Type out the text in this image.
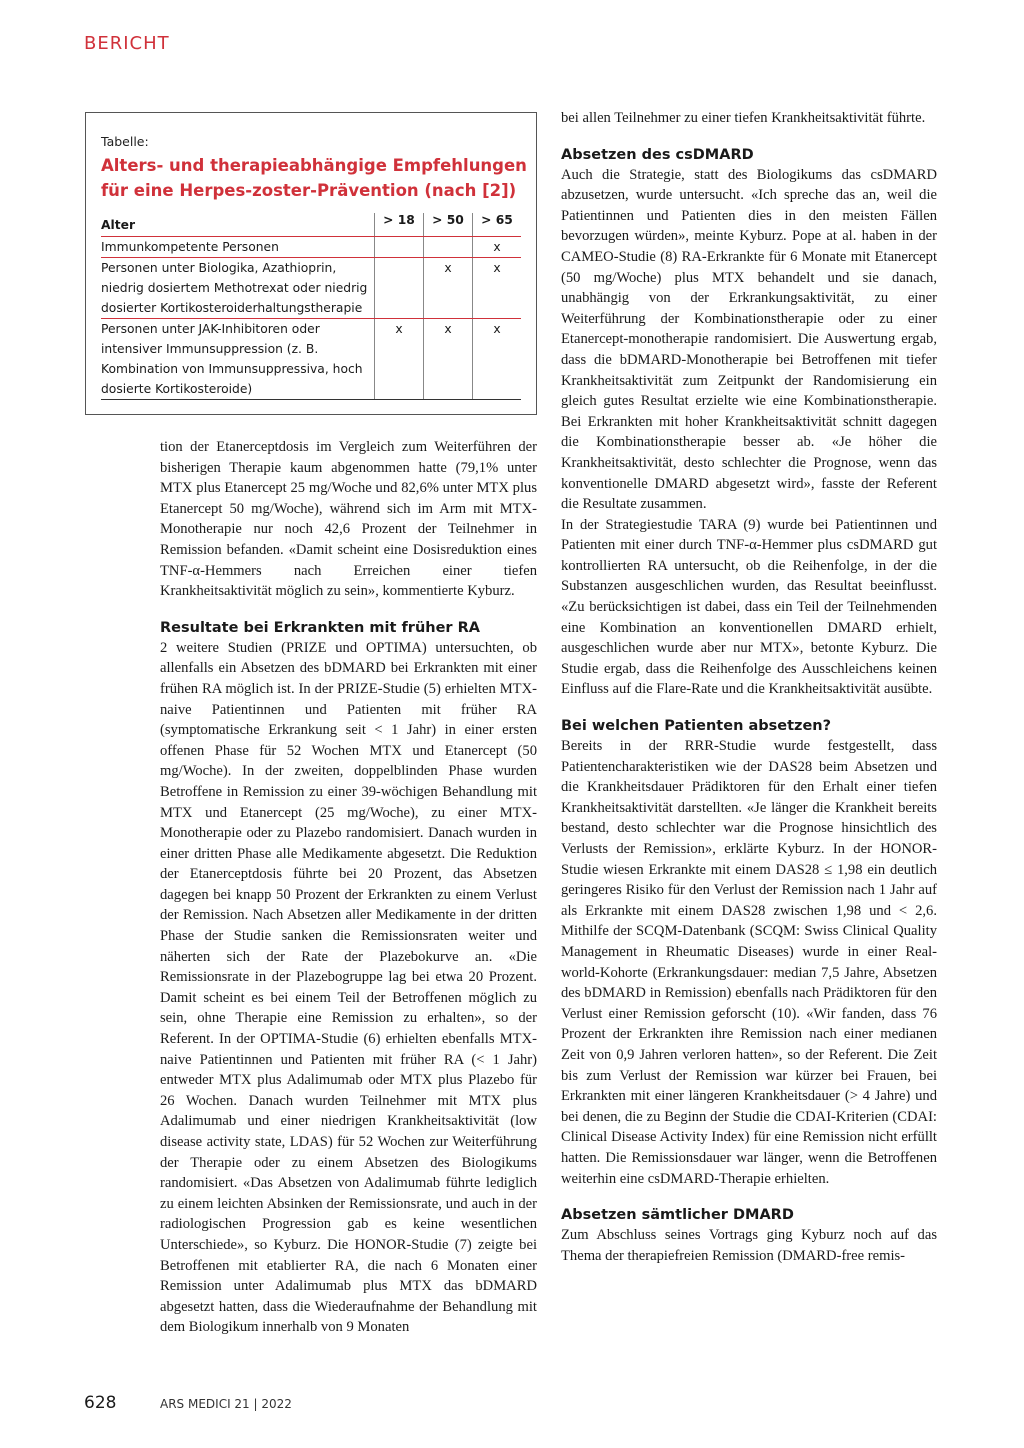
BERICHT
Tabelle:
Alters- und therapieabhängige Empfehlungen für eine Herpes-zoster-Prävention (nach [2])
Alter	> 18	> 50	> 65
Immunkompetente Personen			x
Personen unter Biologika, Azathioprin, niedrig dosiertem Methotrexat oder niedrig dosierter Kortikosteroiderhaltungstherapie		x	x
Personen unter JAK-Inhibitoren oder intensiver Immunsuppression (z. B. Kombination von Immunsuppressiva, hoch dosierte Kortikosteroide)	x	x	x

tion der Etanerceptdosis im Vergleich zum Weiterführen der bisherigen Therapie kaum abgenommen hatte (79,1% unter MTX plus Etanercept 25 mg/Woche und 82,6% unter MTX plus Etanercept 50 mg/Woche), während sich im Arm mit MTX-Monotherapie nur noch 42,6 Prozent der Teilnehmer in Remission befanden. «Damit scheint eine Dosisreduktion eines TNF-α-Hemmers nach Erreichen einer tiefen Krankheitsaktivität möglich zu sein», kommentierte Kyburz.

Resultate bei Erkrankten mit früher RA

2 weitere Studien (PRIZE und OPTIMA) untersuchten, ob allenfalls ein Absetzen des bDMARD bei Erkrankten mit einer frühen RA möglich ist. In der PRIZE-Studie (5) erhielten MTX-naive Patientinnen und Patienten mit früher RA (symptomatische Erkrankung seit < 1 Jahr) in einer ersten offenen Phase für 52 Wochen MTX und Etanercept (50 mg/Woche). In der zweiten, doppelblinden Phase wurden Betroffene in Remission zu einer 39-wöchigen Behandlung mit MTX und Etanercept (25 mg/Woche), zu einer MTX-Monotherapie oder zu Plazebo randomisiert. Danach wurden in einer dritten Phase alle Medikamente abgesetzt. Die Reduktion der Etanerceptdosis führte bei 20 Prozent, das Absetzen dagegen bei knapp 50 Prozent der Erkrankten zu einem Verlust der Remission. Nach Absetzen aller Medikamente in der dritten Phase der Studie sanken die Remissionsraten weiter und näherten sich der Rate der Plazebokurve an. «Die Remissionsrate in der Plazebogruppe lag bei etwa 20 Prozent. Damit scheint es bei einem Teil der Betroffenen möglich zu sein, ohne Therapie eine Remission zu erhalten», so der Referent. In der OPTIMA-Studie (6) erhielten ebenfalls MTX-naive Patientinnen und Patienten mit früher RA (< 1 Jahr) entweder MTX plus Adalimumab oder MTX plus Plazebo für 26 Wochen. Danach wurden Teilnehmer mit MTX plus Adalimumab und einer niedrigen Krankheitsaktivität (low disease activity state, LDAS) für 52 Wochen zur Weiterführung der Therapie oder zu einem Absetzen des Biologikums randomisiert. «Das Absetzen von Adalimumab führte lediglich zu einem leichten Absinken der Remissionsrate, und auch in der radiologischen Progression gab es keine wesentlichen Unterschiede», so Kyburz. Die HONOR-Studie (7) zeigte bei Betroffenen mit etablierter RA, die nach 6 Monaten einer Remission unter Adalimumab plus MTX das bDMARD abgesetzt hatten, dass die Wiederaufnahme der Behandlung mit dem Biologikum innerhalb von 9 Monaten

bei allen Teilnehmer zu einer tiefen Krankheitsaktivität führte.

Absetzen des csDMARD

Auch die Strategie, statt des Biologikums das csDMARD abzusetzen, wurde untersucht. «Ich spreche das an, weil die Patientinnen und Patienten dies in den meisten Fällen bevorzugen würden», meinte Kyburz. Pope at al. haben in der CAMEO-Studie (8) RA-Erkrankte für 6 Monate mit Etanercept (50 mg/Woche) plus MTX behandelt und sie danach, unabhängig von der Erkrankungsaktivität, zu einer Weiterführung der Kombinationstherapie oder zu einer Etanercept-monotherapie randomisiert. Die Auswertung ergab, dass die bDMARD-Monotherapie bei Betroffenen mit tiefer Krankheitsaktivität zum Zeitpunkt der Randomisierung ein gleich gutes Resultat erzielte wie eine Kombinationstherapie. Bei Erkrankten mit hoher Krankheitsaktivität schnitt dagegen die Kombinationstherapie besser ab. «Je höher die Krankheitsaktivität, desto schlechter die Prognose, wenn das konventionelle DMARD abgesetzt wird», fasste der Referent die Resultate zusammen.

In der Strategiestudie TARA (9) wurde bei Patientinnen und Patienten mit einer durch TNF-α-Hemmer plus csDMARD gut kontrollierten RA untersucht, ob die Reihenfolge, in der die Substanzen ausgeschlichen wurden, das Resultat beeinflusst. «Zu berücksichtigen ist dabei, dass ein Teil der Teilnehmenden eine Kombination an konventionellen DMARD erhielt, ausgeschlichen wurde aber nur MTX», betonte Kyburz. Die Studie ergab, dass die Reihenfolge des Ausschleichens keinen Einfluss auf die Flare-Rate und die Krankheitsaktivität ausübte.

Bei welchen Patienten absetzen?

Bereits in der RRR-Studie wurde festgestellt, dass Patientencharakteristiken wie der DAS28 beim Absetzen und die Krankheitsdauer Prädiktoren für den Erhalt einer tiefen Krankheitsaktivität darstellten. «Je länger die Krankheit bereits bestand, desto schlechter war die Prognose hinsichtlich des Verlusts der Remission», erklärte Kyburz. In der HONOR-Studie wiesen Erkrankte mit einem DAS28 ≤ 1,98 ein deutlich geringeres Risiko für den Verlust der Remission nach 1 Jahr auf als Erkrankte mit einem DAS28 zwischen 1,98 und < 2,6. Mithilfe der SCQM-Datenbank (SCQM: Swiss Clinical Quality Management in Rheumatic Diseases) wurde in einer Real-world-Kohorte (Erkrankungsdauer: median 7,5 Jahre, Absetzen des bDMARD in Remission) ebenfalls nach Prädiktoren für den Verlust einer Remission geforscht (10). «Wir fanden, dass 76 Prozent der Erkrankten ihre Remission nach einer medianen Zeit von 0,9 Jahren verloren hatten», so der Referent. Die Zeit bis zum Verlust der Remission war kürzer bei Frauen, bei Erkrankten mit einer längeren Krankheitsdauer (> 4 Jahre) und bei denen, die zu Beginn der Studie die CDAI-Kriterien (CDAI: Clinical Disease Activity Index) für eine Remission nicht erfüllt hatten. Die Remissionsdauer war länger, wenn die Betroffenen weiterhin eine csDMARD-Therapie erhielten.

Absetzen sämtlicher DMARD

Zum Abschluss seines Vortrags ging Kyburz noch auf das Thema der therapiefreien Remission (DMARD-free remis-

628	ARS MEDICI 21 | 2022
